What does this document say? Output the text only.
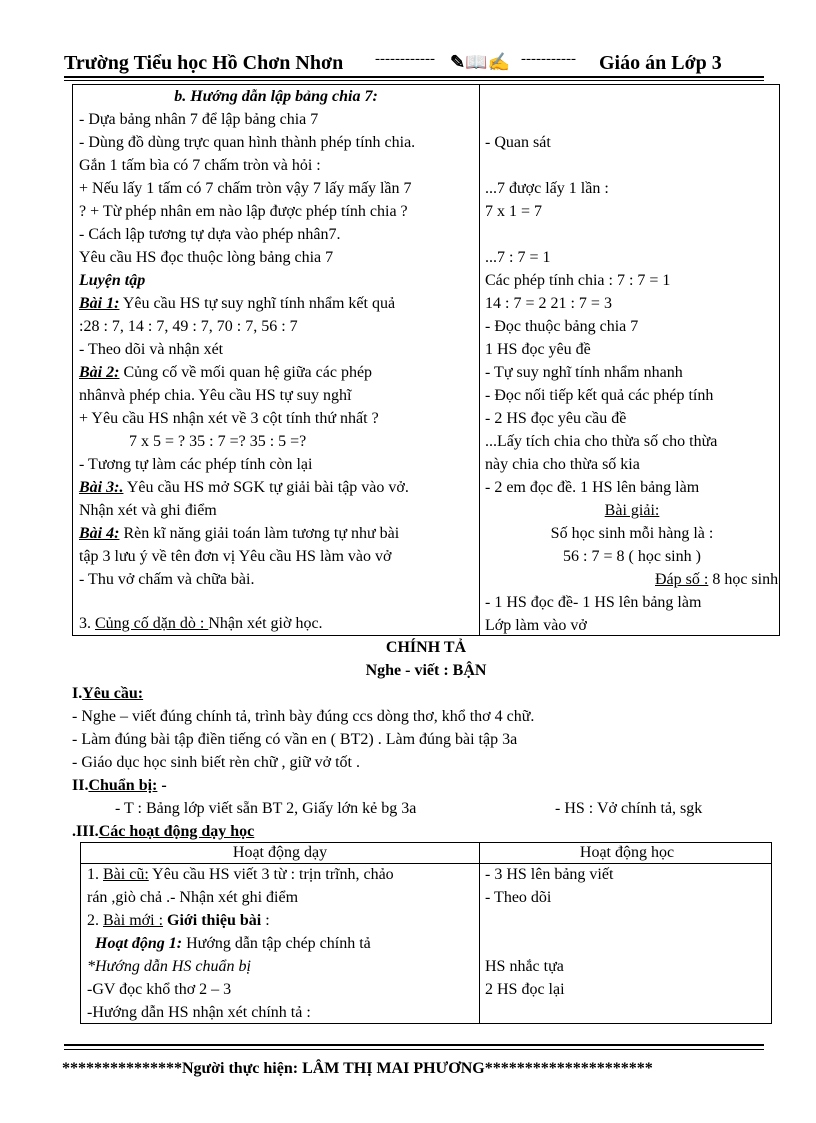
Trường Tiểu học Hồ Chơn Nhơn ------------ ✎📖✍ ----------- Giáo án Lớp 3
b. Hướng dẫn lập bảng chia 7:
- Dựa bảng nhân 7 để lập bảng chia 7
- Dùng đồ dùng trực quan hình thành phép tính chia.
Gắn 1 tấm bìa có 7 chấm tròn và hỏi :
+ Nếu lấy 1 tấm có 7 chấm tròn vậy 7 lấy mấy lần 7
? + Từ phép nhân em nào lập được phép tính chia ?
- Cách lập tương tự dựa vào phép nhân7.
Yêu cầu HS đọc thuộc lòng bảng chia 7
Luyện tập
Bài 1: Yêu cầu HS tự suy nghĩ tính nhẩm kết quả
:28 : 7, 14 : 7, 49 : 7, 70 : 7, 56 : 7
- Theo dõi và nhận xét
Bài 2: Củng cố về mối quan hệ giữa các phép
nhânvà phép chia. Yêu cầu HS tự suy nghĩ
+ Yêu cầu HS nhận xét về 3 cột tính thứ nhất ?
7 x 5 = ? 35 : 7 =? 35 : 5 =?
- Tương tự làm các phép tính còn lại
Bài 3:. Yêu cầu HS mở SGK tự giải bài tập vào vở.
Nhận xét và ghi điểm
Bài 4: Rèn kĩ năng giải toán làm tương tự như bài
tập 3 lưu ý về tên đơn vị Yêu cầu HS làm vào vở
- Thu vở chấm và chữa bài.
3. Củng cố dặn dò : Nhận xét giờ học.
- Quan sát
...7 được lấy 1 lần :
7 x 1 = 7
...7 : 7 = 1
Các phép tính chia : 7 : 7 = 1
14 : 7 = 2 21 : 7 = 3
- Đọc thuộc bảng chia 7
1 HS đọc yêu đề
- Tự suy nghĩ tính nhẩm nhanh
- Đọc nối tiếp kết quả các phép tính
- 2 HS đọc yêu cầu đề
...Lấy tích chia cho thừa số cho thừa
này chia cho thừa số kia
- 2 em đọc đề. 1 HS lên bảng làm
Bài giải:
Số học sinh mỗi hàng là :
56 : 7 = 8 ( học sinh )
Đáp số : 8 học sinh
- 1 HS đọc đề- 1 HS lên bảng làm
Lớp làm vào vở
CHÍNH TẢ
Nghe - viết : BẬN
I.Yêu cầu:
- Nghe – viết đúng chính tả, trình bày đúng ccs dòng thơ, khổ thơ 4 chữ.
- Làm đúng bài tập điền tiếng có vần en ( BT2) . Làm đúng bài tập 3a
- Giáo dục học sinh biết rèn chữ , giữ vở tốt .
II.Chuẩn bị: -
- T : Bảng lớp viết sẵn BT 2, Giấy lớn kẻ bg 3a	- HS : Vở chính tả, sgk
.III.Các hoạt động dạy học
Hoạt động dạy	Hoạt động học
1. Bài cũ: Yêu cầu HS viết 3 từ : trịn trĩnh, chảo
rán ,giò chả .- Nhận xét ghi điểm
2. Bài mới : Giới thiệu bài :
Hoạt động 1: Hướng dẫn tập chép chính tả
*Hướng dẫn HS chuẩn bị
-GV đọc khổ thơ 2 – 3
-Hướng dẫn HS nhận xét chính tả :
- 3 HS lên bảng viết
- Theo dõi
HS nhắc tựa
2 HS đọc lại
***************Người thực hiện: LÂM THỊ MAI PHƯƠNG*********************
